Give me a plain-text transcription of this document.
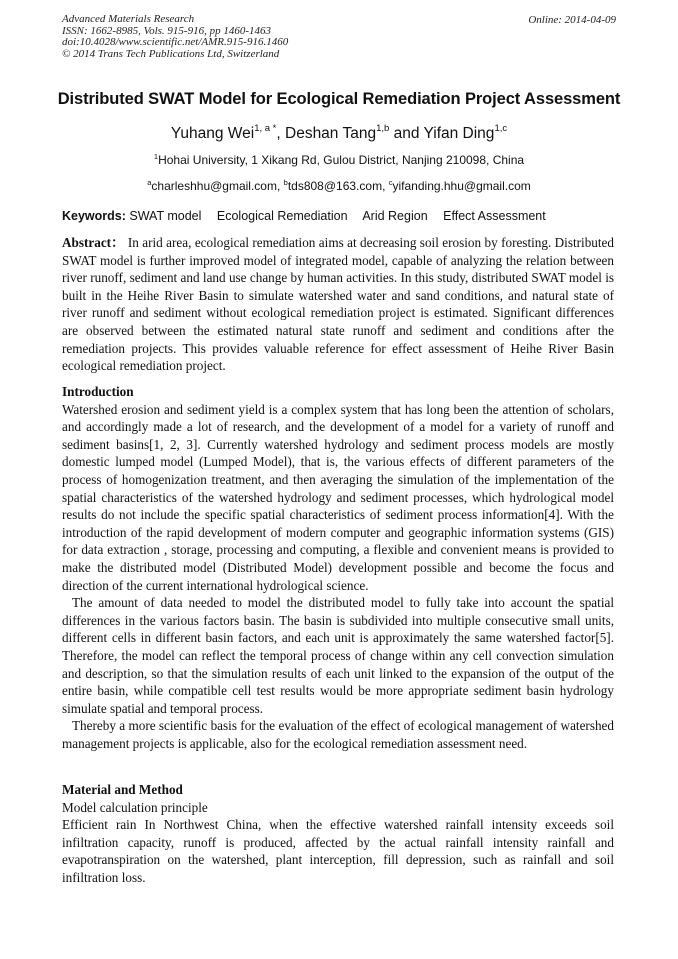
Advanced Materials Research
ISSN: 1662-8985, Vols. 915-916, pp 1460-1463
doi:10.4028/www.scientific.net/AMR.915-916.1460
© 2014 Trans Tech Publications Ltd, Switzerland
Online: 2014-04-09
Distributed SWAT Model for Ecological Remediation Project Assessment
Yuhang Wei$^{1, a *}$, Deshan Tang$^{1,b}$ and Yifan Ding$^{1,c}$
$^1$Hohai University, 1 Xikang Rd, Gulou District, Nanjing 210098, China
$^a$charleshhu@gmail.com, $^b$tds808@163.com, $^c$yifanding.hhu@gmail.com
Keywords: SWAT model Ecological Remediation Arid Region Effect Assessment

Abstract： In arid area, ecological remediation aims at decreasing soil erosion by foresting. Distributed SWAT model is further improved model of integrated model, capable of analyzing the relation between river runoff, sediment and land use change by human activities. In this study, distributed SWAT model is built in the Heihe River Basin to simulate watershed water and sand conditions, and natural state of river runoff and sediment without ecological remediation project is estimated. Significant differences are observed between the estimated natural state runoff and sediment and conditions after the remediation projects. This provides valuable reference for effect assessment of Heihe River Basin ecological remediation project.

Introduction

Watershed erosion and sediment yield is a complex system that has long been the attention of scholars, and accordingly made a lot of research, and the development of a model for a variety of runoff and sediment basins[1, 2, 3]. Currently watershed hydrology and sediment process models are mostly domestic lumped model (Lumped Model), that is, the various effects of different parameters of the process of homogenization treatment, and then averaging the simulation of the implementation of the spatial characteristics of the watershed hydrology and sediment processes, which hydrological model results do not include the specific spatial characteristics of sediment process information[4]. With the introduction of the rapid development of modern computer and geographic information systems (GIS) for data extraction , storage, processing and computing, a flexible and convenient means is provided to make the distributed model (Distributed Model) development possible and become the focus and direction of the current international hydrological science.

The amount of data needed to model the distributed model to fully take into account the spatial differences in the various factors basin. The basin is subdivided into multiple consecutive small units, different cells in different basin factors, and each unit is approximately the same watershed factor[5]. Therefore, the model can reflect the temporal process of change within any cell convection simulation and description, so that the simulation results of each unit linked to the expansion of the output of the entire basin, while compatible cell test results would be more appropriate sediment basin hydrology simulate spatial and temporal process.

Thereby a more scientific basis for the evaluation of the effect of ecological management of watershed management projects is applicable, also for the ecological remediation assessment need.

Material and Method

Model calculation principle

Efficient rain In Northwest China, when the effective watershed rainfall intensity exceeds soil infiltration capacity, runoff is produced, affected by the actual rainfall intensity rainfall and evapotranspiration on the watershed, plant interception, fill depression, such as rainfall and soil infiltration loss.
